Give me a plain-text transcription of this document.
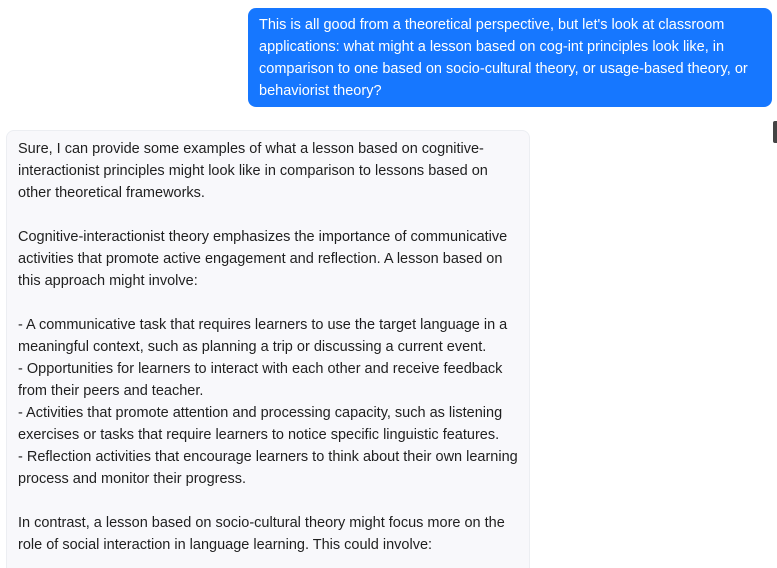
This is all good from a theoretical perspective, but let's look at classroom applications: what might a lesson based on cog-int principles look like, in comparison to one based on socio-cultural theory, or usage-based theory, or behaviorist theory?

Sure, I can provide some examples of what a lesson based on cognitive-interactionist principles might look like in comparison to lessons based on other theoretical frameworks.

Cognitive-interactionist theory emphasizes the importance of communicative activities that promote active engagement and reflection. A lesson based on this approach might involve:

- A communicative task that requires learners to use the target language in a meaningful context, such as planning a trip or discussing a current event.

- Opportunities for learners to interact with each other and receive feedback from their peers and teacher.

- Activities that promote attention and processing capacity, such as listening exercises or tasks that require learners to notice specific linguistic features.

- Reflection activities that encourage learners to think about their own learning process and monitor their progress.

In contrast, a lesson based on socio-cultural theory might focus more on the role of social interaction in language learning. This could involve:
